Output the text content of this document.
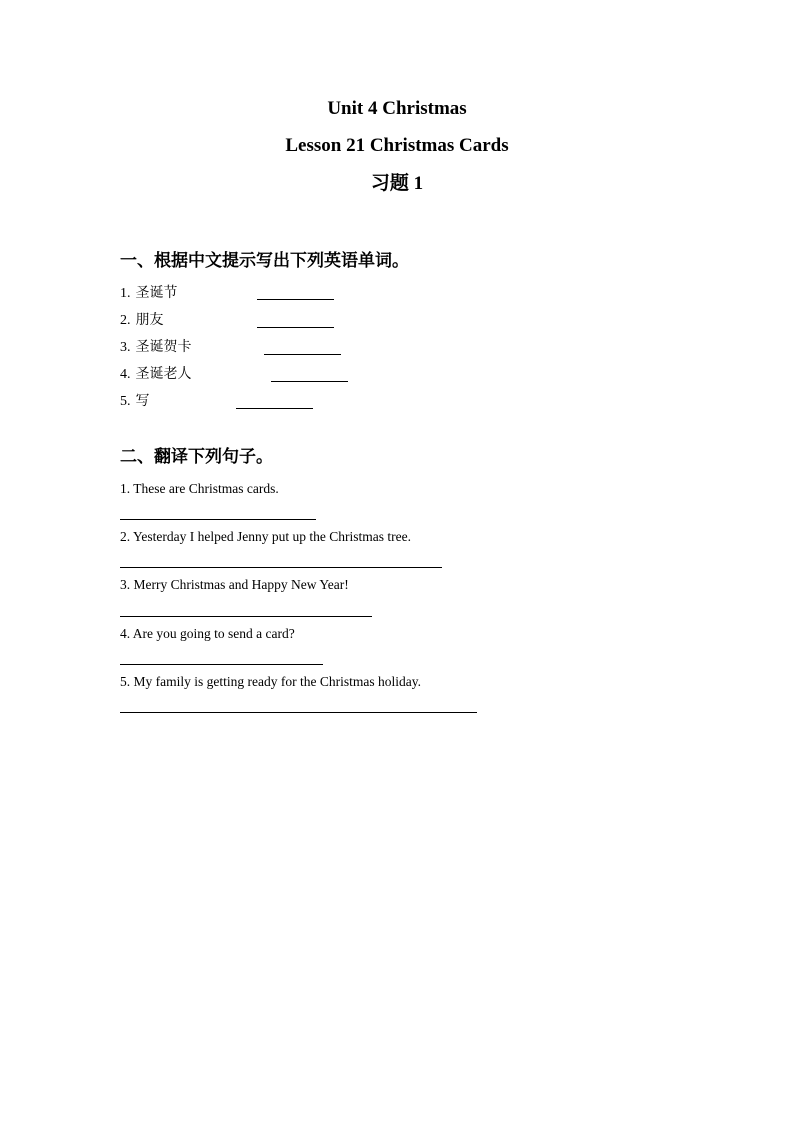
Unit 4 Christmas
Lesson 21 Christmas Cards
习题 1
一、根据中文提示写出下列英语单词。
1. 圣诞节
2. 朋友
3. 圣诞贺卡
4. 圣诞老人
5. 写
二、翻译下列句子。
1. These are Christmas cards.
2. Yesterday I helped Jenny put up the Christmas tree.
3. Merry Christmas and Happy New Year!
4. Are you going to send a card?
5. My family is getting ready for the Christmas holiday.
